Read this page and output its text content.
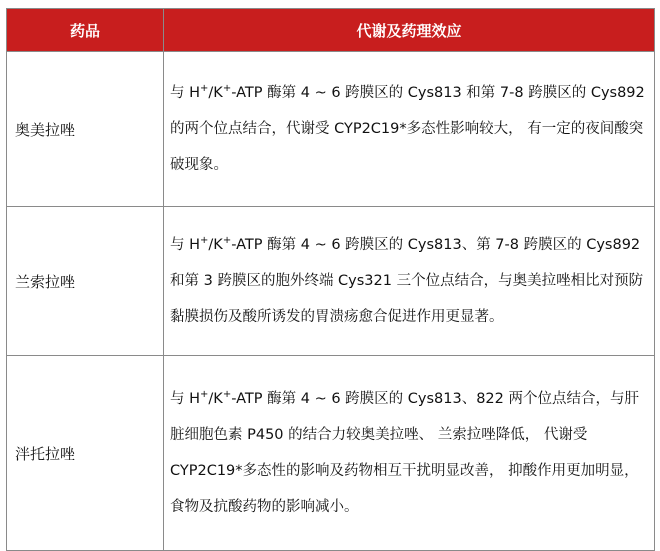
药品	代谢及药理效应
奥美拉唑	与 H+/K+-ATP 酶第 4 ~ 6 跨膜区的 Cys813 和第 7-8 跨膜区的 Cys892 的两个位点结合，代谢受 CYP2C19*多态性影响较大， 有一定的夜间酸突破现象。
兰索拉唑	与 H+/K+-ATP 酶第 4 ~ 6 跨膜区的 Cys813、第 7-8 跨膜区的 Cys892 和第 3 跨膜区的胞外终端 Cys321 三个位点结合，与奥美拉唑相比对预防黏膜损伤及酸所诱发的胃溃疡愈合促进作用更显著。
泮托拉唑	与 H+/K+-ATP 酶第 4 ~ 6 跨膜区的 Cys813、822 两个位点结合，与肝脏细胞色素 P450 的结合力较奥美拉唑、 兰索拉唑降低， 代谢受 CYP2C19*多态性的影响及药物相互干扰明显改善， 抑酸作用更加明显，食物及抗酸药物的影响减小。
